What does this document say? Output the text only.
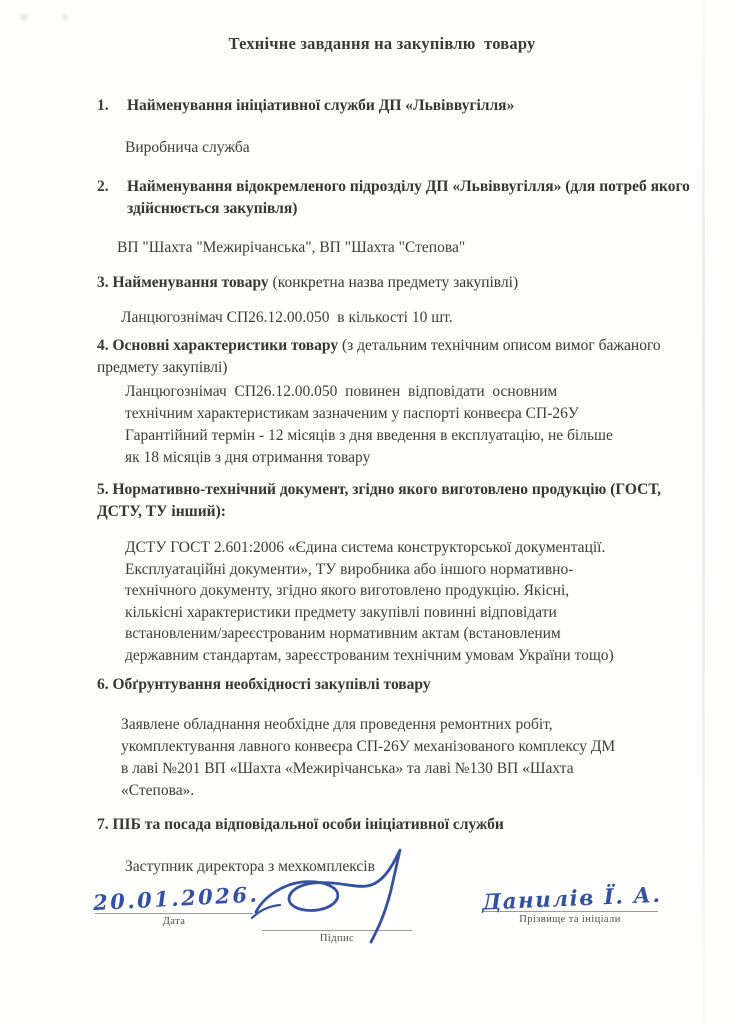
Технічне завдання на закупівлю  товару
1.	Найменування ініціативної служби ДП «Львіввугілля»
Виробнича служба
2.	Найменування відокремленого підрозділу ДП «Львіввугілля» (для потреб якого здійснюється закупівля)
ВП "Шахта "Межирічанська", ВП "Шахта "Степова"
3. Найменування товару (конкретна назва предмету закупівлі)
Ланцюгознімач СП26.12.00.050  в кількості 10 шт.
4. Основні характеристики товару (з детальним технічним описом вимог бажаного предмету закупівлі)
Ланцюгознімач  СП26.12.00.050  повинен  відповідати  основним
технічним характеристикам зазначеним у паспорті конвеєра СП-26У
Гарантійний термін - 12 місяців з дня введення в експлуатацію, не більше
як 18 місяців з дня отримання товару
5. Нормативно-технічний документ, згідно якого виготовлено продукцію (ГОСТ, ДСТУ, ТУ інший):
ДСТУ ГОСТ 2.601:2006 «Єдина система конструкторської документації.
Експлуатаційні документи», ТУ виробника або іншого нормативно-
технічного документу, згідно якого виготовлено продукцію. Якісні,
кількісні характеристики предмету закупівлі повинні відповідати
встановленим/зареєстрованим нормативним актам (встановленим
державним стандартам, зареєстрованим технічним умовам України тощо)
6. Обґрунтування необхідності закупівлі товару
Заявлене обладнання необхідне для проведення ремонтних робіт,
укомплектування лавного конвеєра СП-26У механізованого комплексу ДМ
в лаві №201 ВП «Шахта «Межирічанська» та лаві №130 ВП «Шахта
«Степова».
7. ПІБ та посада відповідальної особи ініціативної служби
Заступник директора з мехкомплексів
20.01.2026.
Дата
Підпис
Данилів Ї. А.
Прізвище та ініціали
